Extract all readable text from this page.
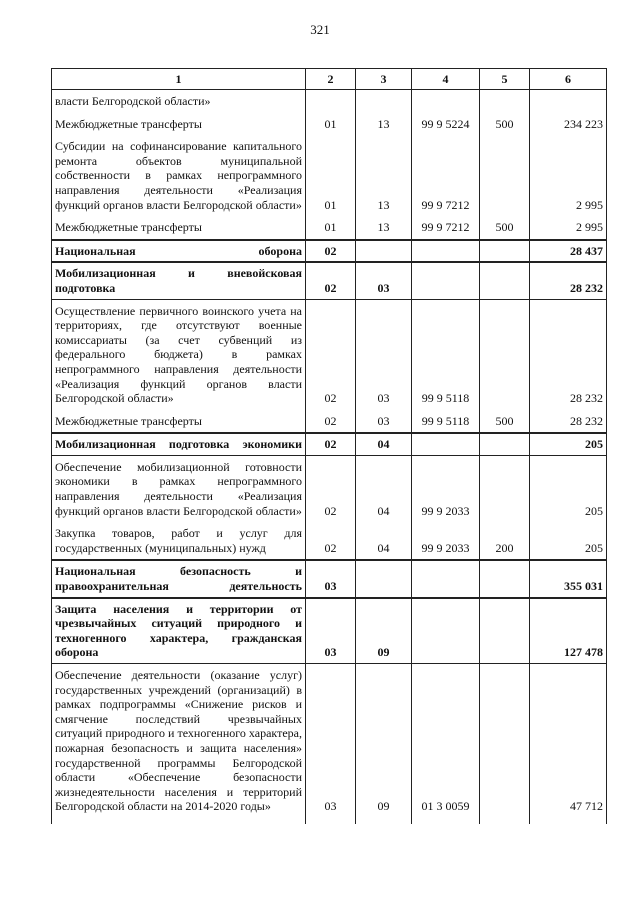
321
1	2	3	4	5	6
власти Белгородской области»					
Межбюджетные трансферты	01	13	99 9 5224	500	234 223
Субсидии на софинансирование капитального ремонта объектов муниципальной собственности в рамках непрограммного направления деятельности «Реализация функций органов власти Белгородской области»	01	13	99 9 7212		2 995
Межбюджетные трансферты	01	13	99 9 7212	500	2 995
Национальная оборона	02				28 437
Мобилизационная и вневойсковая подготовка	02	03			28 232
Осуществление первичного воинского учета на территориях, где отсутствуют военные комиссариаты (за счет субвенций из федерального бюджета) в рамках непрограммного направления деятельности «Реализация функций органов власти Белгородской области»	02	03	99 9 5118		28 232
Межбюджетные трансферты	02	03	99 9 5118	500	28 232
Мобилизационная подготовка экономики	02	04			205
Обеспечение мобилизационной готовности экономики в рамках непрограммного направления деятельности «Реализация функций органов власти Белгородской области»	02	04	99 9 2033		205
Закупка товаров, работ и услуг для государственных (муниципальных) нужд	02	04	99 9 2033	200	205
Национальная безопасность и правоохранительная деятельность	03				355 031
Защита населения и территории от чрезвычайных ситуаций природного и техногенного характера, гражданская оборона	03	09			127 478
Обеспечение деятельности (оказание услуг) государственных учреждений (организаций) в рамках подпрограммы «Снижение рисков и смягчение последствий чрезвычайных ситуаций природного и техногенного характера, пожарная безопасность и защита населения» государственной программы Белгородской области «Обеспечение безопасности жизнедеятельности населения и территорий Белгородской области на 2014-2020 годы»	03	09	01 3 0059		47 712
